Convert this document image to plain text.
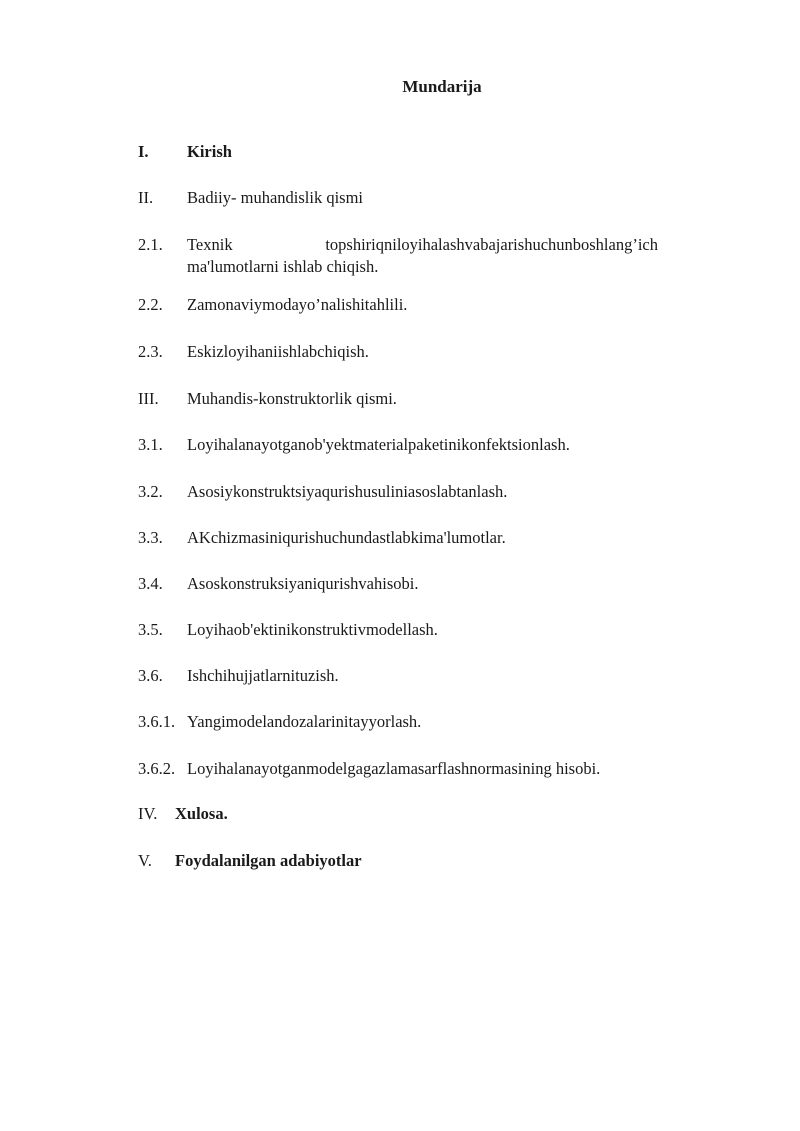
Mundarija
I. Kirish
II. Badiiy- muhandislik qismi
2.1. Texnik	topshiriqniloyihalashvabajarishuchunboshlang’ich
ma'lumotlarni ishlab chiqish.
2.2. Zamonaviymodayo’nalishitahlili.
2.3. Eskizloyihaniishlabchiqish.
III. Muhandis-konstruktorlik qismi.
3.1. Loyihalanayotganob'yektmaterialpaketinikonfektsionlash.
3.2. Asosiykonstruktsiyaqurishusuliniasoslabtanlash.
3.3. AKchizmasiniqurishuchundastlabkima'lumotlar.
3.4. Asoskonstruksiyaniqurishvahisobi.
3.5. Loyihaob'ektinikonstruktivmodellash.
3.6. Ishchihujjatlarnituzish.
3.6.1. Yangimodelandozalarinitayyorlash.
3.6.2. Loyihalanayotganmodelgagazlamasarflashnormasining hisobi.
IV. Xulosa.
V. Foydalanilgan adabiyotlar
